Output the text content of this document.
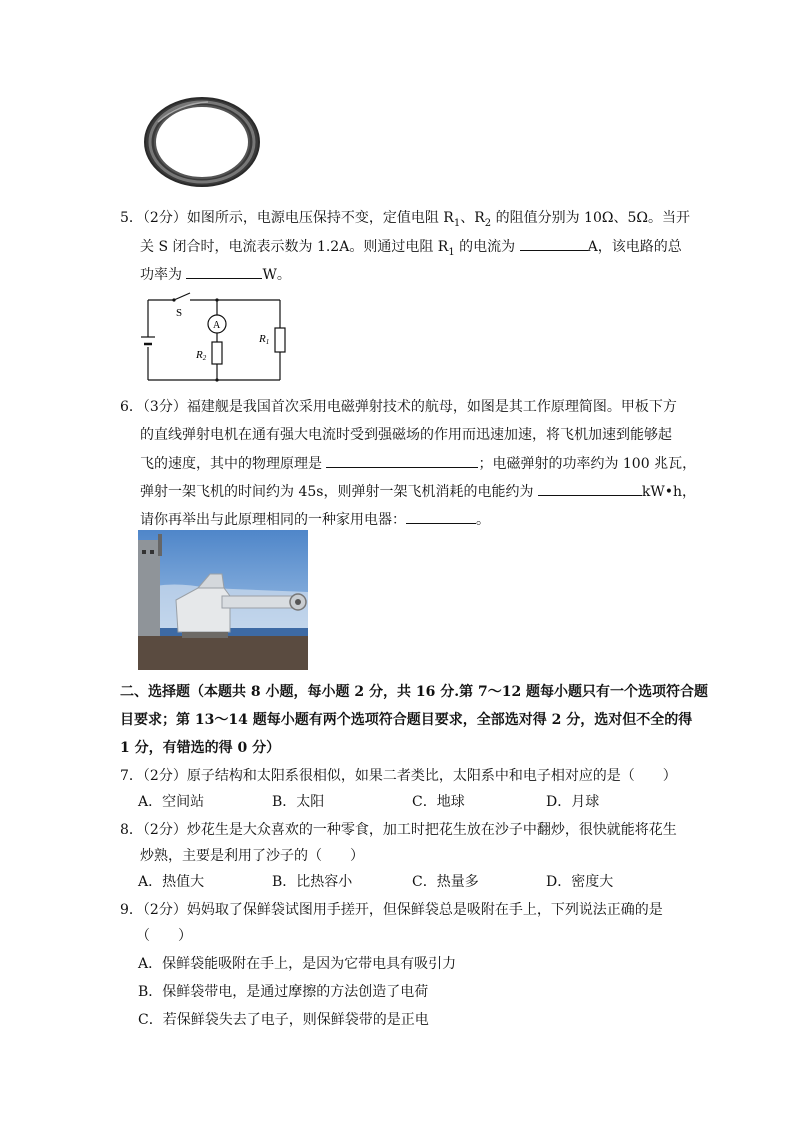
5．（2分）如图所示，电源电压保持不变，定值电阻 $R_1$、$R_2$ 的阻值分别为 10Ω、5Ω。当开
关 S 闭合时，电流表示数为 1.2A。则通过电阻 $R_1$ 的电流为	A，该电路的总
功率为	W。
S
A
R2
R1
6．（3分）福建舰是我国首次采用电磁弹射技术的航母，如图是其工作原理简图。甲板下方
的直线弹射电机在通有强大电流时受到强磁场的作用而迅速加速，将飞机加速到能够起
飞的速度，其中的物理原理是	；电磁弹射的功率约为 100 兆瓦，
弹射一架飞机的时间约为 45s，则弹射一架飞机消耗的电能约为	kW•h，
请你再举出与此原理相同的一种家用电器：	。
二、选择题（本题共 8 小题，每小题 2 分，共 16 分.第 7～12 题每小题只有一个选项符合题
目要求；第 13～14 题每小题有两个选项符合题目要求，全部选对得 2 分，选对但不全的得
1 分，有错选的得 0 分）
7．（2分）原子结构和太阳系很相似，如果二者类比，太阳系中和电子相对应的是（　　）
A．空间站	B．太阳	C．地球	D．月球
8．（2分）炒花生是大众喜欢的一种零食，加工时把花生放在沙子中翻炒，很快就能将花生
炒熟，主要是利用了沙子的（　　）
A．热值大	B．比热容小	C．热量多	D．密度大
9．（2分）妈妈取了保鲜袋试图用手搓开，但保鲜袋总是吸附在手上，下列说法正确的是
（　　）
A．保鲜袋能吸附在手上，是因为它带电具有吸引力
B．保鲜袋带电，是通过摩擦的方法创造了电荷
C．若保鲜袋失去了电子，则保鲜袋带的是正电
